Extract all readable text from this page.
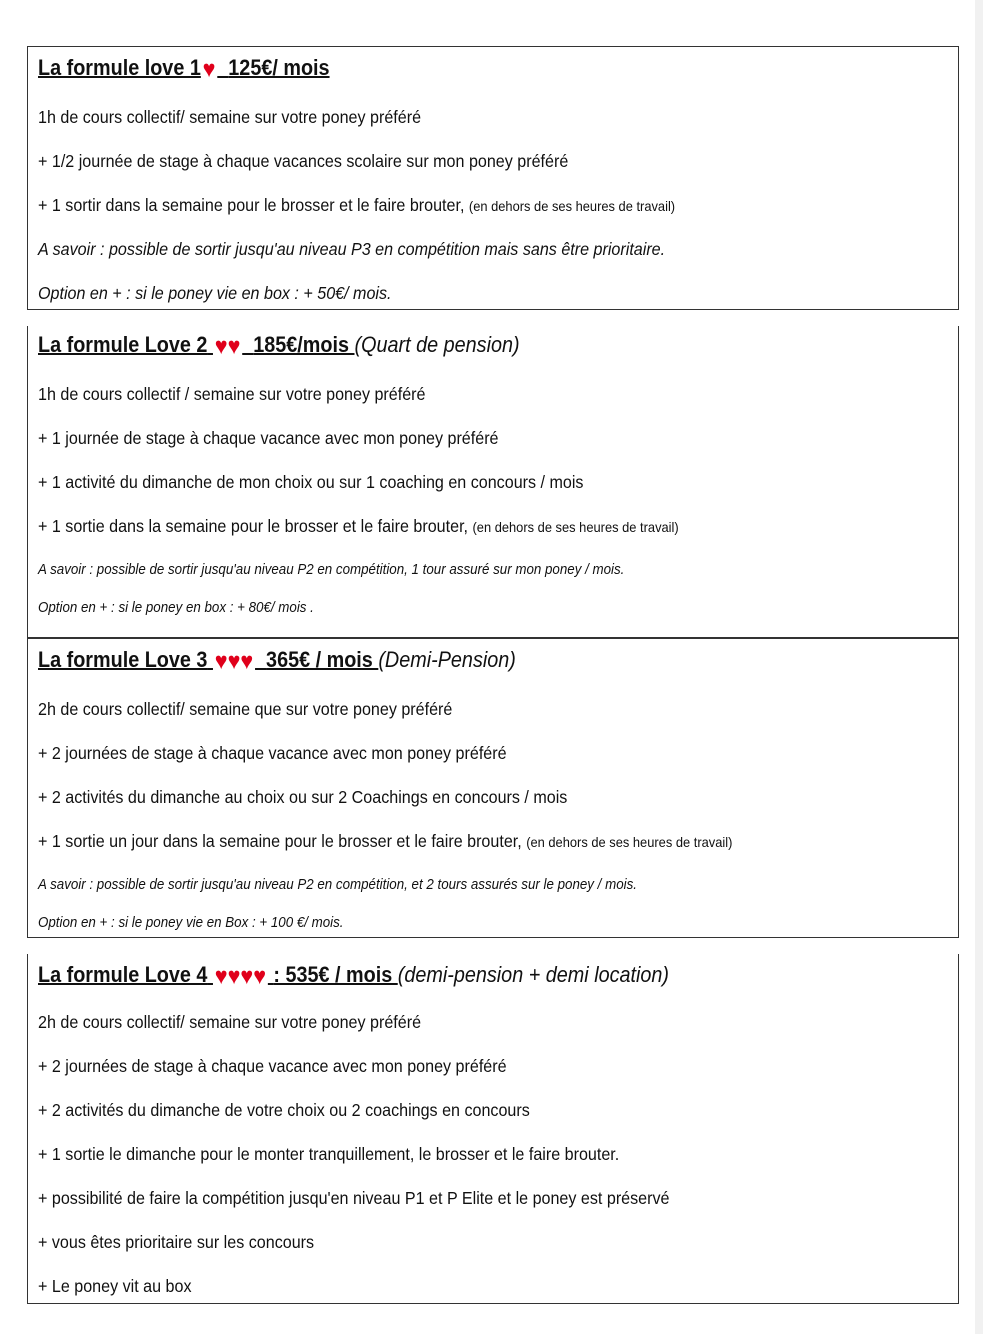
La formule love 1♥ 125€/ mois
1h de cours collectif/ semaine sur votre poney préféré
+ 1/2 journée de stage à chaque vacances scolaire sur mon poney préféré
+ 1 sortir dans la semaine pour le brosser et le faire brouter, (en dehors de ses heures de travail)
A savoir : possible de sortir jusqu'au niveau P3 en compétition mais sans être prioritaire.
Option en + : si le poney vie en box : + 50€/ mois.
La formule Love 2 ♥♥ 185€/mois (Quart de pension)
1h de cours collectif / semaine sur votre poney préféré
+ 1 journée de stage à chaque vacance avec mon poney préféré
+ 1 activité du dimanche de mon choix ou sur 1 coaching en concours / mois
+ 1 sortie dans la semaine pour le brosser et le faire brouter, (en dehors de ses heures de travail)
A savoir : possible de sortir jusqu'au niveau P2 en compétition, 1 tour assuré sur mon poney / mois.
Option en + : si le poney en box : + 80€/ mois .
La formule Love 3 ♥♥♥ 365€ / mois (Demi-Pension)
2h de cours collectif/ semaine que sur votre poney préféré
+ 2 journées de stage à chaque vacance avec mon poney préféré
+ 2 activités du dimanche au choix ou sur 2 Coachings en concours / mois
+ 1 sortie un jour dans la semaine pour le brosser et le faire brouter, (en dehors de ses heures de travail)
A savoir : possible de sortir jusqu'au niveau P2 en compétition, et 2 tours assurés sur le poney / mois.
Option en + : si le poney vie en Box : + 100 €/ mois.
La formule Love 4 ♥♥♥♥ : 535€ / mois (demi-pension + demi location)
2h de cours collectif/ semaine sur votre poney préféré
+ 2 journées de stage à chaque vacance avec mon poney préféré
+ 2 activités du dimanche de votre choix ou 2 coachings en concours
+ 1 sortie le dimanche pour le monter tranquillement, le brosser et le faire brouter.
+ possibilité de faire la compétition jusqu'en niveau P1 et P Elite et le poney est préservé
+ vous êtes prioritaire sur les concours
+ Le poney vit au box
